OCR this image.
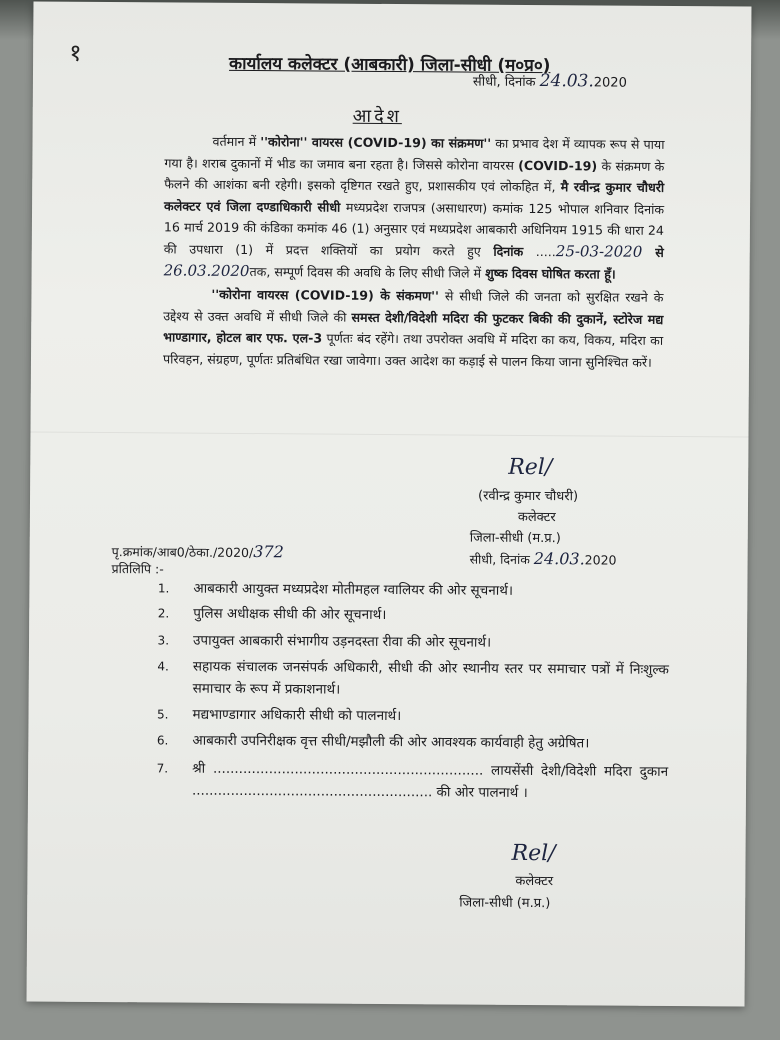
१	कार्यालय कलेक्टर (आबकारी) जिला-सीधी (म०प्र०)
सीधी, दिनांक 24.03.2020
आदेश

वर्तमान में ''कोरोना'' वायरस (COVID-19) का संक्रमण'' का प्रभाव देश में व्यापक रूप से पाया गया है। शराब दुकानों में भीड का जमाव बना रहता है। जिससे कोरोना वायरस (COVID-19) के संक्रमण के फैलने की आशंका बनी रहेगी। इसको दृष्टिगत रखते हुए, प्रशासकीय एवं लोकहित में, मै रवीन्द्र कुमार चौधरी कलेक्टर एवं जिला दण्डाधिकारी सीधी मध्यप्रदेश राजपत्र (असाधारण) कमांक 125 भोपाल शनिवार दिनांक 16 मार्च 2019 की कंडिका कमांक 46 (1) अनुसार एवं मध्यप्रदेश आबकारी अधिनियम 1915 की धारा 24 की उपधारा (1) में प्रदत्त शक्तियों का प्रयोग करते हुए दिनांक .....25-03-2020 से 26.03.2020तक, सम्पूर्ण दिवस की अवधि के लिए सीधी जिले में शुष्क दिवस घोषित करता हूँ।

''कोरोना वायरस (COVID-19) के संकमण'' से सीधी जिले की जनता को सुरक्षित रखने के उद्देश्य से उक्त अवधि में सीधी जिले की समस्त देशी/विदेशी मदिरा की फुटकर बिकी की दुकानें, स्टोरेज मद्य भाण्डागार, होटल बार एफ. एल-3 पूर्णतः बंद रहेंगे। तथा उपरोक्त अवधि में मदिरा का कय, विकय, मदिरा का परिवहन, संग्रहण, पूर्णतः प्रतिबंधित रखा जावेगा। उक्त आदेश का कड़ाई से पालन किया जाना सुनिश्चित करें।

Rel/
(रवीन्द्र कुमार चौधरी)
कलेक्टर
जिला-सीधी (म.प्र.)
पृ.क्रमांक/आब0/ठेका./2020/372	सीधी, दिनांक 24.03.2020
प्रतिलिपि :-
1. आबकारी आयुक्त मध्यप्रदेश मोतीमहल ग्वालियर की ओर सूचनार्थ।
2. पुलिस अधीक्षक सीधी की ओर सूचनार्थ।
3. उपायुक्त आबकारी संभागीय उड़नदस्ता रीवा की ओर सूचनार्थ।
4. सहायक संचालक जनसंपर्क अधिकारी, सीधी की ओर स्थानीय स्तर पर समाचार पत्रों में निःशुल्क समाचार के रूप में प्रकाशनार्थ।
5. मद्यभाण्डागार अधिकारी सीधी को पालनार्थ।
6. आबकारी उपनिरीक्षक वृत्त सीधी/मझौली की ओर आवश्यक कार्यवाही हेतु अग्रेषित।
7. श्री ............................................................... लायसेंसी देशी/विदेशी मदिरा दुकान ........................................................ की ओर पालनार्थ ।
Rel/
कलेक्टर
जिला-सीधी (म.प्र.)
